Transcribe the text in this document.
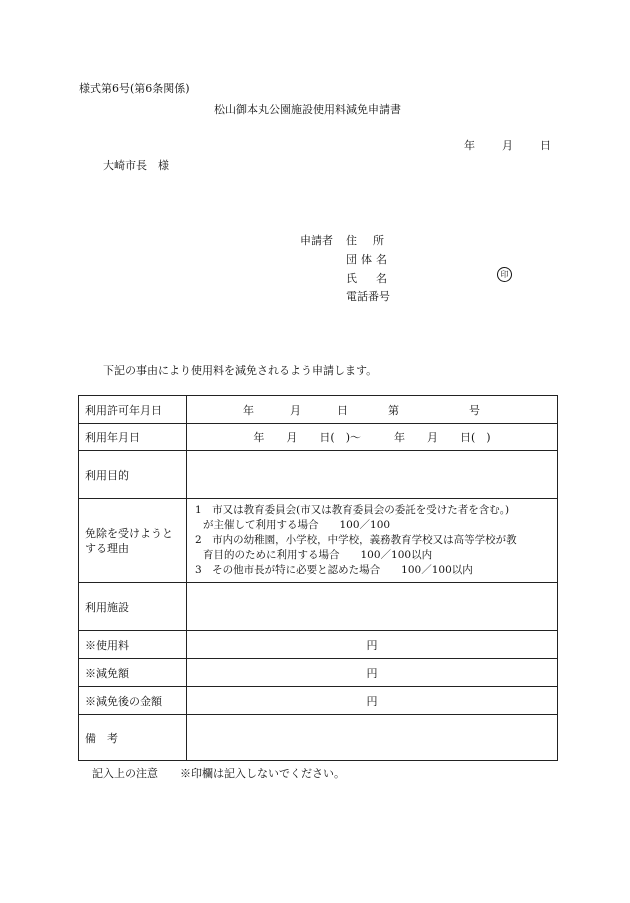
様式第6号(第6条関係)
松山御本丸公園施設使用料減免申請書
年 月 日
大崎市長　様
申請者 住所
団体名
氏名	印
電話番号
下記の事由により使用料を減免されるよう申請します。
利用許可年月日	年 月 日 第 号
利用年月日	年　　月　　日(　)～　　　年　　月　　日(　)
利用目的	
免除を受けようとする理由	1　市又は教育委員会(市又は教育委員会の委託を受けた者を含む。)
が主催して利用する場合　　100／100
2　市内の幼稚園，小学校，中学校，義務教育学校又は高等学校が教
育目的のために利用する場合　　100／100以内
3　その他市長が特に必要と認めた場合　　100／100以内

利用施設	
※使用料	円
※減免額	円
※減免後の金額	円
備　考	
記入上の注意　　※印欄は記入しないでください。
